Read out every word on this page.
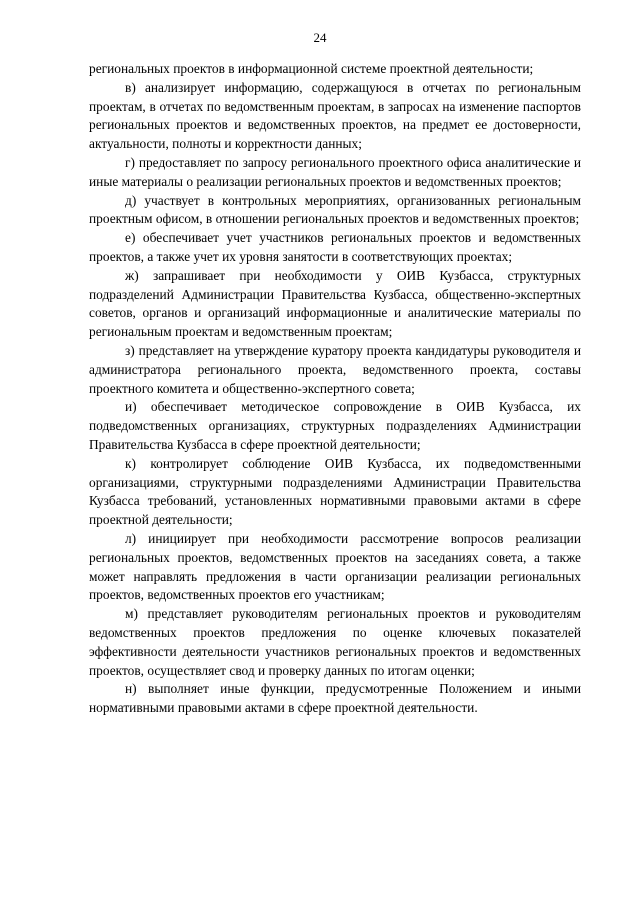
24

региональных проектов в информационной системе проектной деятельности;

в) анализирует информацию, содержащуюся в отчетах по региональным проектам, в отчетах по ведомственным проектам, в запросах на изменение паспортов региональных проектов и ведомственных проектов, на предмет ее достоверности, актуальности, полноты и корректности данных;

г) предоставляет по запросу регионального проектного офиса аналитические и иные материалы о реализации региональных проектов и ведомственных проектов;

д) участвует в контрольных мероприятиях, организованных региональным проектным офисом, в отношении региональных проектов и ведомственных проектов;

е) обеспечивает учет участников региональных проектов и ведомственных проектов, а также учет их уровня занятости в соответствующих проектах;

ж) запрашивает при необходимости у ОИВ Кузбасса, структурных подразделений Администрации Правительства Кузбасса, общественно-экспертных советов, органов и организаций информационные и аналитические материалы по региональным проектам и ведомственным проектам;

з) представляет на утверждение куратору проекта кандидатуры руководителя и администратора регионального проекта, ведомственного проекта, составы проектного комитета и общественно-экспертного совета;

и) обеспечивает методическое сопровождение в ОИВ Кузбасса, их подведомственных организациях, структурных подразделениях Администрации Правительства Кузбасса в сфере проектной деятельности;

к) контролирует соблюдение ОИВ Кузбасса, их подведомственными организациями, структурными подразделениями Администрации Правительства Кузбасса требований, установленных нормативными правовыми актами в сфере проектной деятельности;

л) инициирует при необходимости рассмотрение вопросов реализации региональных проектов, ведомственных проектов на заседаниях совета, а также может направлять предложения в части организации реализации региональных проектов, ведомственных проектов его участникам;

м) представляет руководителям региональных проектов и руководителям ведомственных проектов предложения по оценке ключевых показателей эффективности деятельности участников региональных проектов и ведомственных проектов, осуществляет свод и проверку данных по итогам оценки;

н) выполняет иные функции, предусмотренные Положением и иными нормативными правовыми актами в сфере проектной деятельности.
